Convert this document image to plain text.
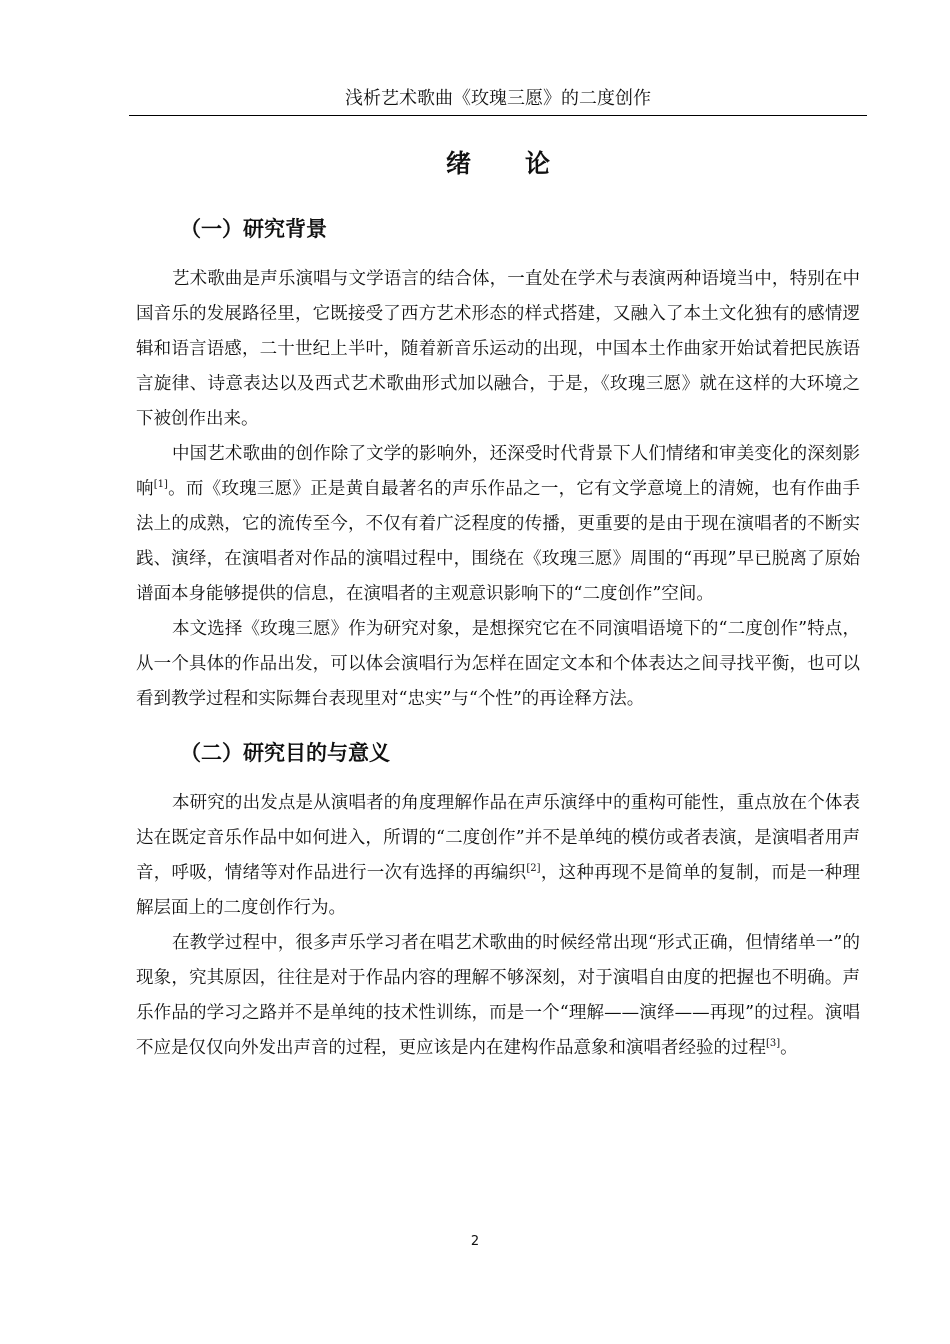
浅析艺术歌曲《玫瑰三愿》的二度创作
绪论
（一）研究背景

艺术歌曲是声乐演唱与文学语言的结合体，一直处在学术与表演两种语境当中，特别在中国音乐的发展路径里，它既接受了西方艺术形态的样式搭建，又融入了本土文化独有的感情逻辑和语言语感，二十世纪上半叶，随着新音乐运动的出现，中国本土作曲家开始试着把民族语言旋律、诗意表达以及西式艺术歌曲形式加以融合，于是，《玫瑰三愿》就在这样的大环境之下被创作出来。

中国艺术歌曲的创作除了文学的影响外，还深受时代背景下人们情绪和审美变化的深刻影响[1]。而《玫瑰三愿》正是黄自最著名的声乐作品之一，它有文学意境上的清婉，也有作曲手法上的成熟，它的流传至今，不仅有着广泛程度的传播，更重要的是由于现在演唱者的不断实践、演绎，在演唱者对作品的演唱过程中，围绕在《玫瑰三愿》周围的“再现”早已脱离了原始谱面本身能够提供的信息，在演唱者的主观意识影响下的“二度创作”空间。

本文选择《玫瑰三愿》作为研究对象，是想探究它在不同演唱语境下的“二度创作”特点，从一个具体的作品出发，可以体会演唱行为怎样在固定文本和个体表达之间寻找平衡，也可以看到教学过程和实际舞台表现里对“忠实”与“个性”的再诠释方法。

（二）研究目的与意义

本研究的出发点是从演唱者的角度理解作品在声乐演绎中的重构可能性，重点放在个体表达在既定音乐作品中如何进入，所谓的“二度创作”并不是单纯的模仿或者表演，是演唱者用声音，呼吸，情绪等对作品进行一次有选择的再编织[2]，这种再现不是简单的复制，而是一种理解层面上的二度创作行为。

在教学过程中，很多声乐学习者在唱艺术歌曲的时候经常出现“形式正确，但情绪单一”的现象，究其原因，往往是对于作品内容的理解不够深刻，对于演唱自由度的把握也不明确。声乐作品的学习之路并不是单纯的技术性训练，而是一个“理解——演绎——再现”的过程。演唱不应是仅仅向外发出声音的过程，更应该是内在建构作品意象和演唱者经验的过程[3]。

2
